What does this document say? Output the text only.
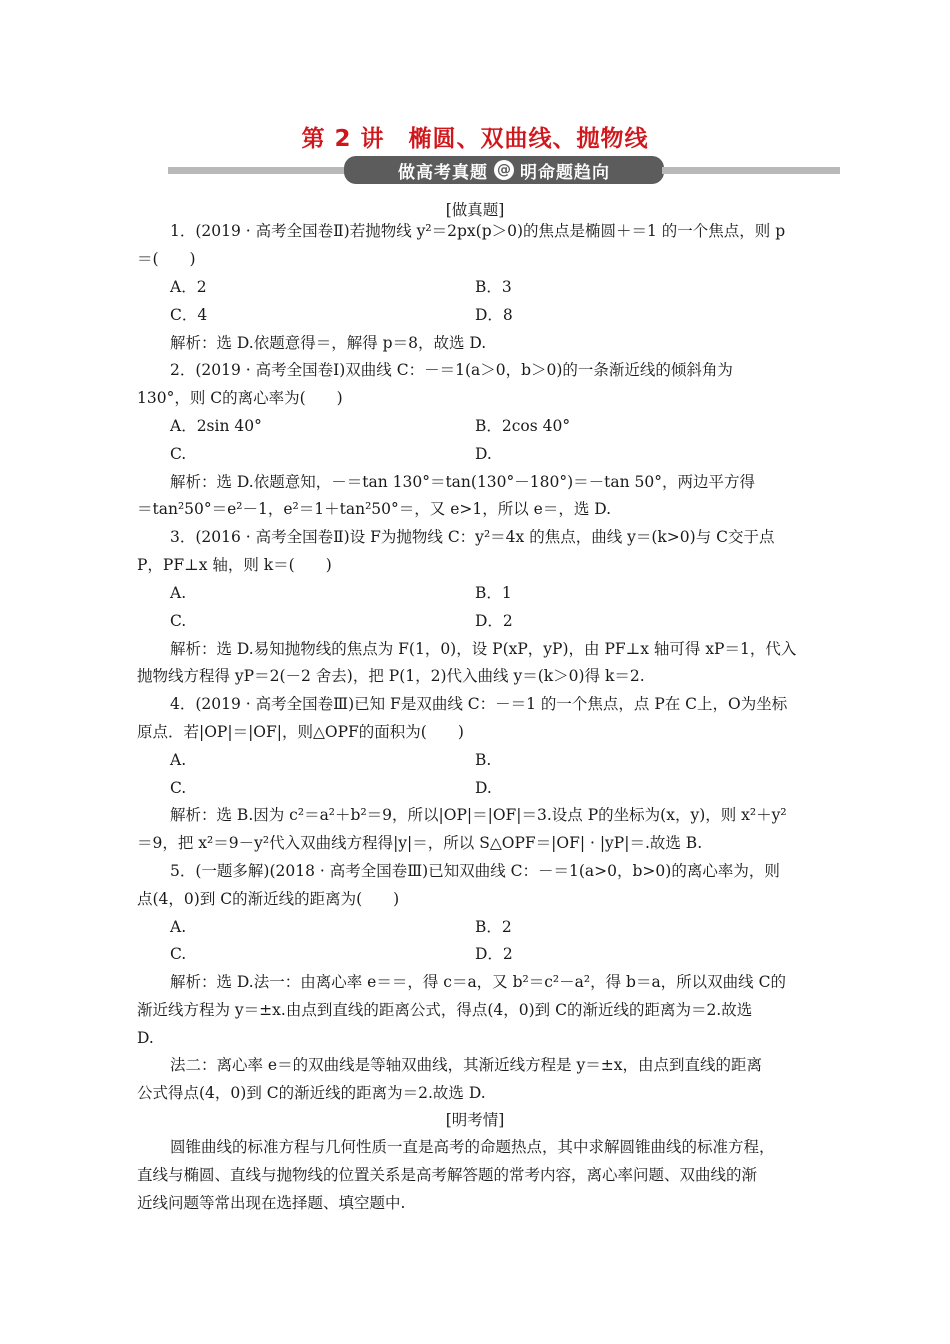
第 2 讲　椭圆、双曲线、抛物线
做高考真题 @ 明命题趋向
[做真题]
1．(2019 · 高考全国卷Ⅱ)若抛物线 y²＝2px(p＞0)的焦点是椭圆＋＝1 的一个焦点，则 p
＝(　　)
A．2	B．3
C．4	D．8
解析：选 D.依题意得＝，解得 p＝8，故选 D.
2．(2019 · 高考全国卷Ⅰ)双曲线 C：－＝1(a＞0，b＞0)的一条渐近线的倾斜角为
130°，则 C的离心率为(　　)
A．2sin 40°	B．2cos 40°
C.	D.
解析：选 D.依题意知，－＝tan 130°＝tan(130°－180°)＝－tan 50°，两边平方得
＝tan²50°＝e²－1，e²＝1＋tan²50°＝，又 e>1，所以 e＝，选 D.
3．(2016 · 高考全国卷Ⅱ)设 F为抛物线 C：y²＝4x 的焦点，曲线 y＝(k>0)与 C交于点
P，PF⊥x 轴，则 k＝(　　)
A.	B．1
C.	D．2
解析：选 D.易知抛物线的焦点为 F(1，0)，设 P(xP，yP)，由 PF⊥x 轴可得 xP＝1，代入
抛物线方程得 yP＝2(－2 舍去)，把 P(1，2)代入曲线 y＝(k＞0)得 k＝2.
4．(2019 · 高考全国卷Ⅲ)已知 F是双曲线 C：－＝1 的一个焦点，点 P在 C上，O为坐标
原点．若|OP|＝|OF|，则△OPF的面积为(　　)
A.	B.
C.	D.
解析：选 B.因为 c²＝a²＋b²＝9，所以|OP|＝|OF|＝3.设点 P的坐标为(x，y)，则 x²＋y²
＝9，把 x²＝9－y²代入双曲线方程得|y|＝，所以 S△OPF＝|OF| · |yP|＝.故选 B.
5．(一题多解)(2018 · 高考全国卷Ⅲ)已知双曲线 C：－＝1(a>0，b>0)的离心率为，则
点(4，0)到 C的渐近线的距离为(　　)
A.	B．2
C.	D．2
解析：选 D.法一：由离心率 e＝＝，得 c＝a，又 b²＝c²－a²，得 b＝a，所以双曲线 C的
渐近线方程为 y＝±x.由点到直线的距离公式，得点(4，0)到 C的渐近线的距离为＝2.故选
D.
法二：离心率 e＝的双曲线是等轴双曲线，其渐近线方程是 y＝±x，由点到直线的距离
公式得点(4，0)到 C的渐近线的距离为＝2.故选 D.
[明考情]
圆锥曲线的标准方程与几何性质一直是高考的命题热点，其中求解圆锥曲线的标准方程，
直线与椭圆、直线与抛物线的位置关系是高考解答题的常考内容，离心率问题、双曲线的渐
近线问题等常出现在选择题、填空题中.
